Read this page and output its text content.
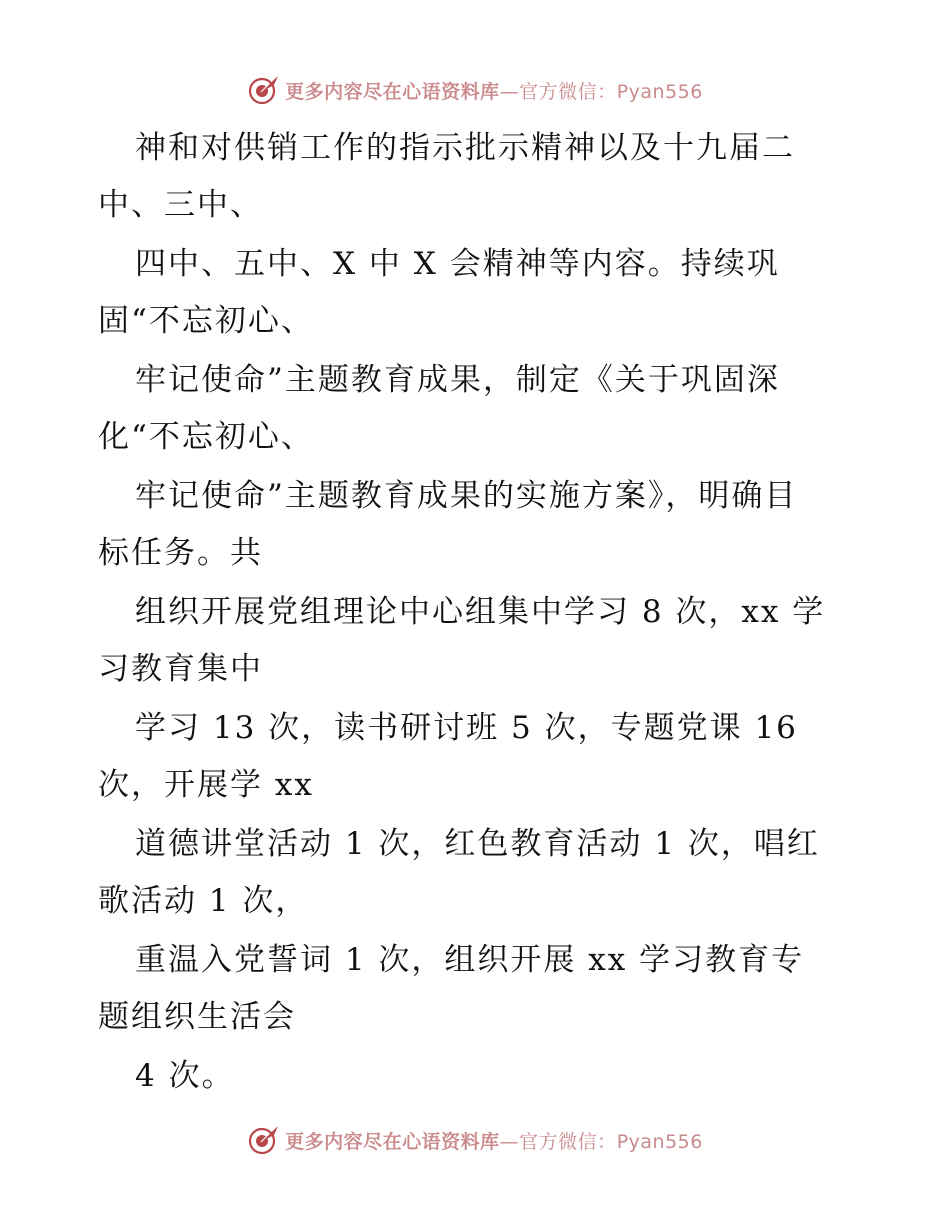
更多内容尽在心语资料库—官方微信：Pyan556
神和对供销工作的指示批示精神以及十九届二
中、三中、
四中、五中、X 中 X 会精神等内容。持续巩
固“不忘初心、
牢记使命”主题教育成果，制定《关于巩固深
化“不忘初心、
牢记使命”主题教育成果的实施方案》，明确目
标任务。共
组织开展党组理论中心组集中学习 8 次，xx 学
习教育集中
学习 13 次，读书研讨班 5 次，专题党课 16
次，开展学 xx
道德讲堂活动 1 次，红色教育活动 1 次，唱红
歌活动 1 次，
重温入党誓词 1 次，组织开展 xx 学习教育专
题组织生活会
4 次。
更多内容尽在心语资料库—官方微信：Pyan556
